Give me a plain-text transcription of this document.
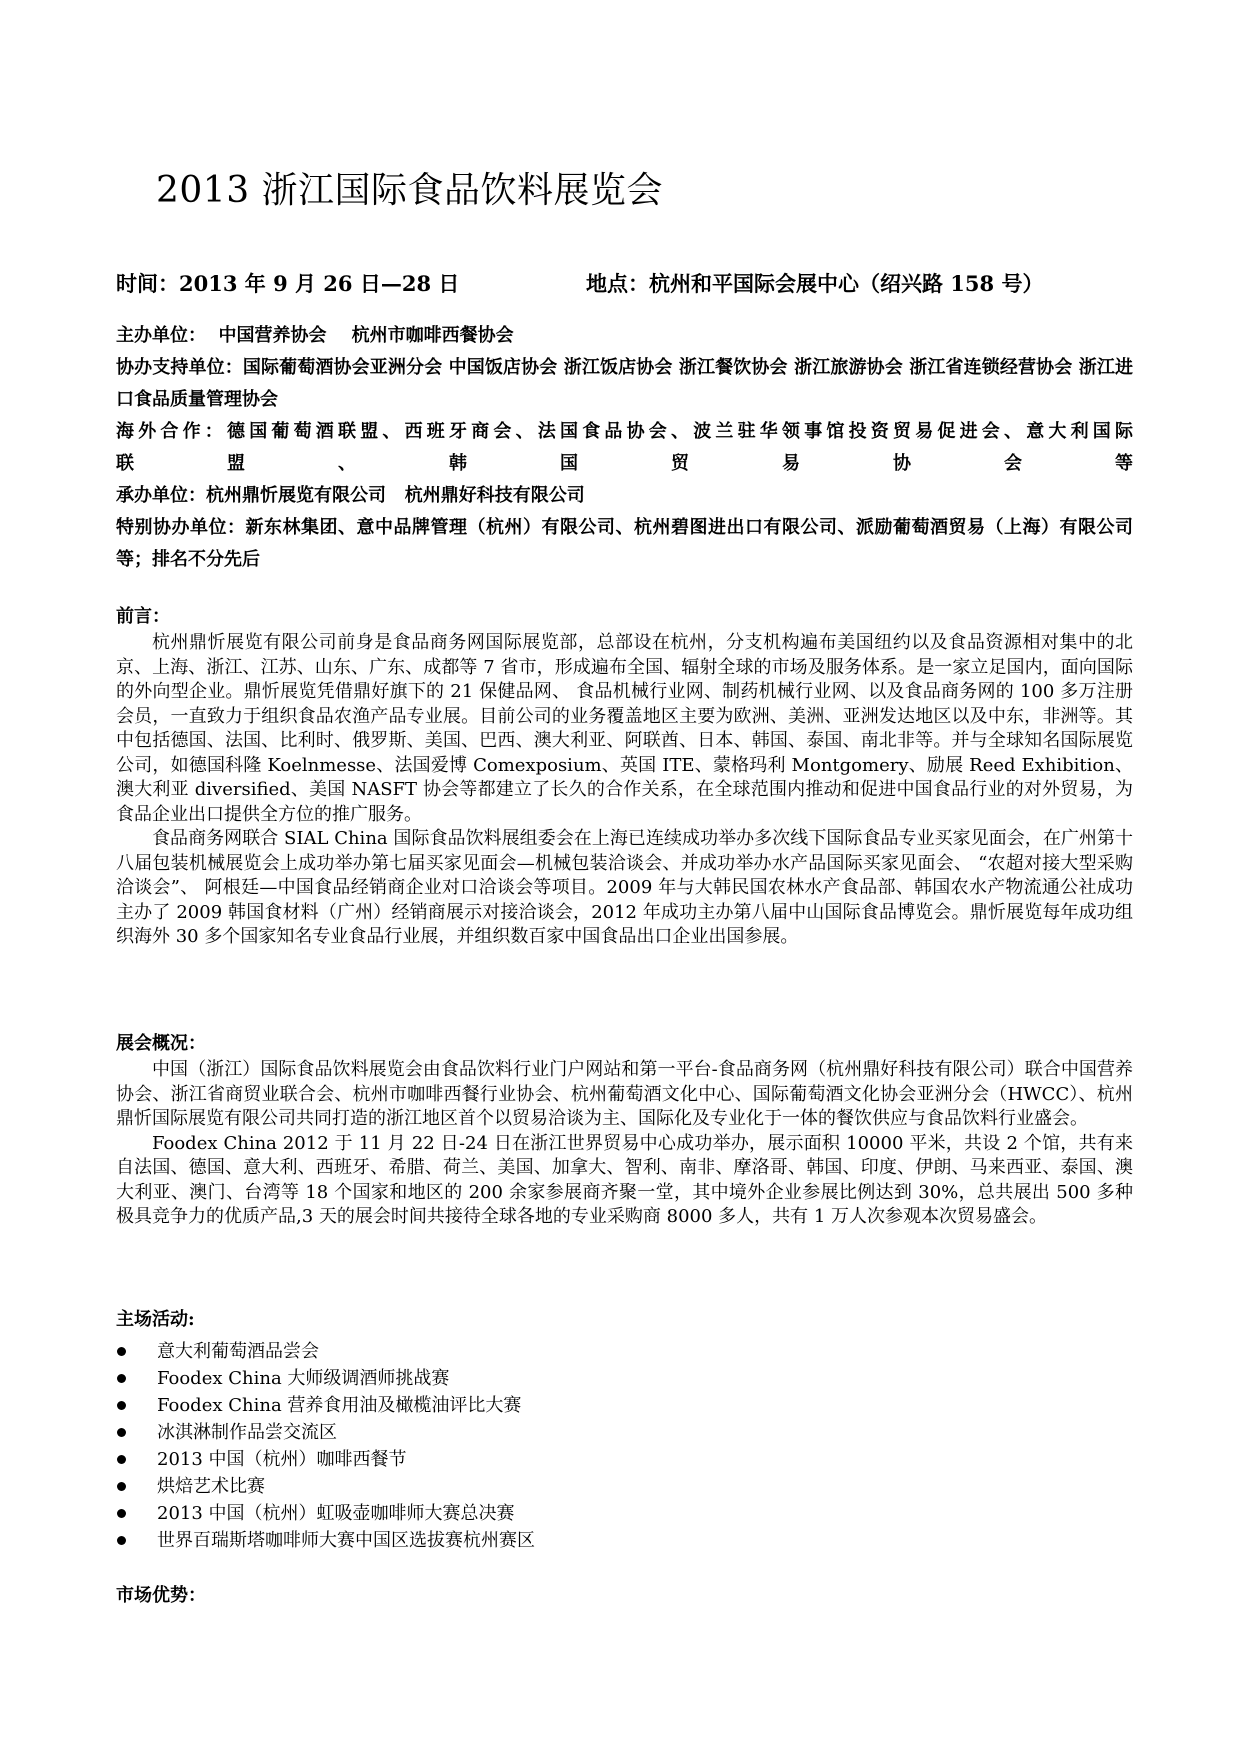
2013 浙江国际食品饮料展览会
时间：2013 年 9 月 26 日—28 日	地点：杭州和平国际会展中心（绍兴路 158 号）

主办单位：  中国营养协会    杭州市咖啡西餐协会

协办支持单位：国际葡萄酒协会亚洲分会 中国饭店协会 浙江饭店协会 浙江餐饮协会 浙江旅游协会 浙江省连锁经营协会 浙江进口食品质量管理协会

海外合作：德国葡萄酒联盟、西班牙商会、法国食品协会、波兰驻华领事馆投资贸易促进会、意大利国际

联 盟 、 韩 国 贸 易 协 会 等

承办单位：杭州鼎忻展览有限公司   杭州鼎好科技有限公司

特别协办单位：新东林集团、意中品牌管理（杭州）有限公司、杭州碧图进出口有限公司、派励葡萄酒贸易（上海）有限公司等；排名不分先后

前言：

杭州鼎忻展览有限公司前身是食品商务网国际展览部，总部设在杭州，分支机构遍布美国纽约以及食品资源相对集中的北京、上海、浙江、江苏、山东、广东、成都等 7 省市，形成遍布全国、辐射全球的市场及服务体系。是一家立足国内，面向国际的外向型企业。鼎忻展览凭借鼎好旗下的 21 保健品网、 食品机械行业网、制药机械行业网、以及食品商务网的 100 多万注册会员，一直致力于组织食品农渔产品专业展。目前公司的业务覆盖地区主要为欧洲、美洲、亚洲发达地区以及中东，非洲等。其中包括德国、法国、比利时、俄罗斯、美国、巴西、澳大利亚、阿联酋、日本、韩国、泰国、南北非等。并与全球知名国际展览公司，如德国科隆 Koelnmesse、法国爱博 Comexposium、英国 ITE、蒙格玛利 Montgomery、励展 Reed Exhibition、澳大利亚 diversified、美国 NASFT 协会等都建立了长久的合作关系，在全球范围内推动和促进中国食品行业的对外贸易，为食品企业出口提供全方位的推广服务。

食品商务网联合 SIAL China 国际食品饮料展组委会在上海已连续成功举办多次线下国际食品专业买家见面会，在广州第十八届包装机械展览会上成功举办第七届买家见面会—机械包装洽谈会、并成功举办水产品国际买家见面会、 “农超对接大型采购洽谈会”、 阿根廷—中国食品经销商企业对口洽谈会等项目。2009 年与大韩民国农林水产食品部、韩国农水产物流通公社成功主办了 2009 韩国食材料（广州）经销商展示对接洽谈会，2012 年成功主办第八届中山国际食品博览会。鼎忻展览每年成功组织海外 30 多个国家知名专业食品行业展，并组织数百家中国食品出口企业出国参展。

展会概况：

中国（浙江）国际食品饮料展览会由食品饮料行业门户网站和第一平台-食品商务网（杭州鼎好科技有限公司）联合中国营养协会、浙江省商贸业联合会、杭州市咖啡西餐行业协会、杭州葡萄酒文化中心、国际葡萄酒文化协会亚洲分会（HWCC）、杭州鼎忻国际展览有限公司共同打造的浙江地区首个以贸易洽谈为主、国际化及专业化于一体的餐饮供应与食品饮料行业盛会。

Foodex China 2012 于 11 月 22 日-24 日在浙江世界贸易中心成功举办，展示面积 10000 平米，共设 2 个馆，共有来自法国、德国、意大利、西班牙、希腊、荷兰、美国、加拿大、智利、南非、摩洛哥、韩国、印度、伊朗、马来西亚、泰国、澳大利亚、澳门、台湾等 18 个国家和地区的 200 余家参展商齐聚一堂，其中境外企业参展比例达到 30%，总共展出 500 多种极具竞争力的优质产品,3 天的展会时间共接待全球各地的专业采购商 8000 多人，共有 1 万人次参观本次贸易盛会。

主场活动:

意大利葡萄酒品尝会
Foodex China 大师级调酒师挑战赛
Foodex China 营养食用油及橄榄油评比大赛
冰淇淋制作品尝交流区
2013 中国（杭州）咖啡西餐节
烘焙艺术比赛
2013 中国（杭州）虹吸壶咖啡师大赛总决赛
世界百瑞斯塔咖啡师大赛中国区选拔赛杭州赛区

市场优势：
